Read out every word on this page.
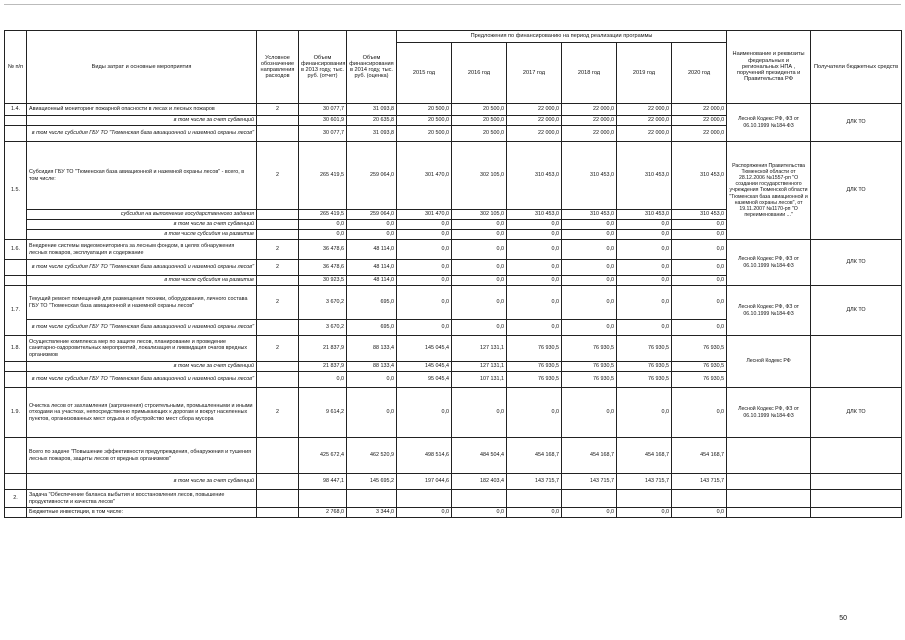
№ п/п	Виды затрат и основные мероприятия	Условное обозначение направления расходов	Объем финансирования в 2013 году, тыс. руб. (отчет)	Объем финансирования в 2014 году, тыс. руб. (оценка)	Предложения по финансированию на период реализации программы						Наименование и реквизиты федеральных и региональных НПА , поручений президента и Правительства РФ	Получатели бюджетных средств
					2015 год	2016 год	2017 год	2018 год	2019 год	2020 год		
1.4.	Авиационный мониторинг пожарной опасности в лесах и лесных пожаров	2	30 077,7	31 093,8	20 500,0	20 500,0	22 000,0	22 000,0	22 000,0	22 000,0	Лесной Кодекс РФ, ФЗ от 06.10.1999 №184-ФЗ	ДЛК ТО
	в том числе за счет субвенций		30 601,9	20 635,8	20 500,0	20 500,0	22 000,0	22 000,0	22 000,0	22 000,0		
	в том числе субсидия ГБУ ТО "Тюменская база авиационной и наземной охраны лесов"		30 077,7	31 093,8	20 500,0	20 500,0	22 000,0	22 000,0	22 000,0	22 000,0		
1.5.	Субсидия ГБУ ТО "Тюменская база авиационной и наземной охраны лесов" - всего, в том числе:	2	265 419,5	259 064,0	301 470,0	302 105,0	310 453,0	310 453,0	310 453,0	310 453,0	Распоряжения Правительства Тюменской области от 28.12.2006 №1557-рп "О создании государственного учреждения Тюменской области "Тюменская база авиационной и наземной охраны лесов", от 19.11.2007 №1170-рп "О переименовании ..."	ДЛК ТО
	субсидия на выполнение государственного задания		265 419,5	259 064,0	301 470,0	302 105,0	310 453,0	310 453,0	310 453,0	310 453,0		
	в том числе за счет субвенций		0,0	0,0	0,0	0,0	0,0	0,0	0,0	0,0		
	в том числе субсидия на развитие		0,0	0,0	0,0	0,0	0,0	0,0	0,0	0,0		
1.6.	Внедрение системы видеомониторинга за лесным фондом, в целях обнаружения лесных пожаров, эксплуатация и содержание	2	36 478,6	48 114,0	0,0	0,0	0,0	0,0	0,0	0,0	Лесной Кодекс РФ, ФЗ от 06.10.1999 №184-ФЗ	ДЛК ТО
	в том числе субсидия ГБУ ТО "Тюменская база авиационной и наземной охраны лесов"	2	36 478,6	48 114,0	0,0	0,0	0,0	0,0	0,0	0,0		
	в том числе субсидия на развитие		30 923,5	48 114,0	0,0	0,0	0,0	0,0	0,0	0,0		
1.7.	Текущий ремонт помещений для размещения техники, оборудования, личного состава ГБУ ТО "Тюменская база авиационной и наземной охраны лесов"	2	3 670,2	695,0	0,0	0,0	0,0	0,0	0,0	0,0	Лесной Кодекс РФ, ФЗ от 06.10.1999 №184-ФЗ	ДЛК ТО
	в том числе субсидия ГБУ ТО "Тюменская база авиационной и наземной охраны лесов"		3 670,2	695,0	0,0	0,0	0,0	0,0	0,0	0,0		
1.8.	Осуществление комплекса мер по защите лесов, планирование и проведение санитарно-оздоровительных мероприятий, локализация и ликвидация очагов вредных организмов	2	21 837,9	88 133,4	145 045,4	127 131,1	76 930,5	76 930,5	76 930,5	76 930,5	Лесной Кодекс РФ	
	в том числе за счет субвенций		21 837,9	88 133,4	145 045,4	127 131,1	76 930,5	76 930,5	76 930,5	76 930,5		
	в том числе субсидия ГБУ ТО "Тюменская база авиационной и наземной охраны лесов"		0,0	0,0	95 045,4	107 131,1	76 930,5	76 930,5	76 930,5	76 930,5		
1.9.	Очистка лесов от захламления (загрязнения) строительными, промышленными и иными отходами на участках, непосредственно примыкающих к дорогам и вокруг населенных пунктов, организованных мест отдыха и обустройство мест сбора мусора	2	9 614,2	0,0	0,0	0,0	0,0	0,0	0,0	0,0	Лесной Кодекс РФ, ФЗ от 06.10.1999 №184-ФЗ	ДЛК ТО
	Всего по задаче "Повышение эффективности предупреждения, обнаружения и тушения лесных пожаров, защиты лесов от вредных организмов"		425 672,4	462 520,9	498 514,6	484 504,4	454 168,7	454 168,7	454 168,7	454 168,7		
	в том числе за счет субвенций		98 447,1	145 695,2	197 044,6	182 403,4	143 715,7	143 715,7	143 715,7	143 715,7		
2.	Задача "Обеспечение баланса выбытия и восстановления лесов, повышение продуктивности и качества лесов"											
	Бюджетные инвестиции, в том числе:		2 768,0	3 344,0	0,0	0,0	0,0	0,0	0,0	0,0		
50
